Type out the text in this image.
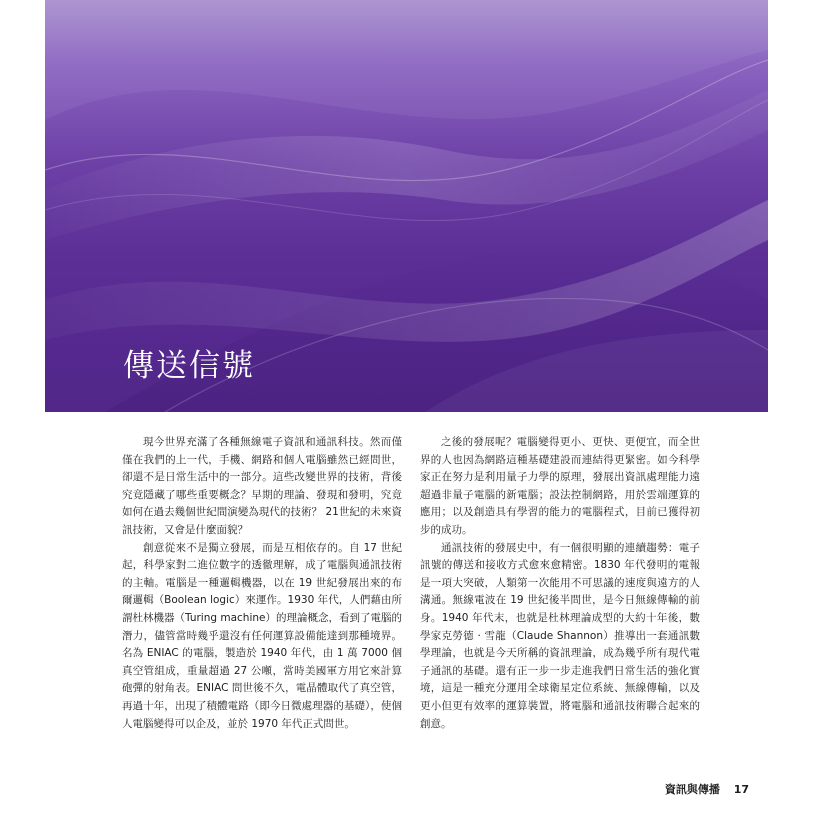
傳送信號

現今世界充滿了各種無線電子資訊和通訊科技。然而僅僅在我們的上一代，手機、網路和個人電腦雖然已經問世，卻還不是日常生活中的一部分。這些改變世界的技術，背後究竟隱藏了哪些重要概念？早期的理論、發現和發明，究竟如何在過去幾個世紀間演變為現代的技術？ 21世紀的未來資訊技術，又會是什麼面貌？

創意從來不是獨立發展，而是互相依存的。自 17 世紀起，科學家對二進位數字的透徹理解，成了電腦與通訊技術的主軸。電腦是一種邏輯機器，以在 19 世紀發展出來的布爾邏輯（Boolean logic）來運作。1930 年代，人們藉由所謂杜林機器（Turing machine）的理論概念，看到了電腦的潛力，儘管當時幾乎還沒有任何運算設備能達到那種境界。名為 ENIAC 的電腦，製造於 1940 年代，由 1 萬 7000 個真空管組成，重量超過 27 公噸，當時美國軍方用它來計算砲彈的射角表。ENIAC 問世後不久，電晶體取代了真空管，再過十年，出現了積體電路（即今日微處理器的基礎），使個人電腦變得可以企及，並於 1970 年代正式問世。

之後的發展呢？電腦變得更小、更快、更便宜，而全世界的人也因為網路這種基礎建設而連結得更緊密。如今科學家正在努力是利用量子力學的原理，發展出資訊處理能力遠超過非量子電腦的新電腦；設法控制網路，用於雲端運算的應用；以及創造具有學習的能力的電腦程式，目前已獲得初步的成功。

通訊技術的發展史中，有一個很明顯的連續趨勢：電子訊號的傳送和接收方式愈來愈精密。1830 年代發明的電報是一項大突破，人類第一次能用不可思議的速度與遠方的人溝通。無線電波在 19 世紀後半問世，是今日無線傳輸的前身。1940 年代末，也就是杜林理論成型的大約十年後，數學家克勞德 ‧ 雪龍（Claude Shannon）推導出一套通訊數學理論，也就是今天所稱的資訊理論，成為幾乎所有現代電子通訊的基礎。還有正一步一步走進我們日常生活的強化實境，這是一種充分運用全球衛星定位系統、無線傳輸，以及更小但更有效率的運算裝置，將電腦和通訊技術聯合起來的創意。

資訊與傳播 17
